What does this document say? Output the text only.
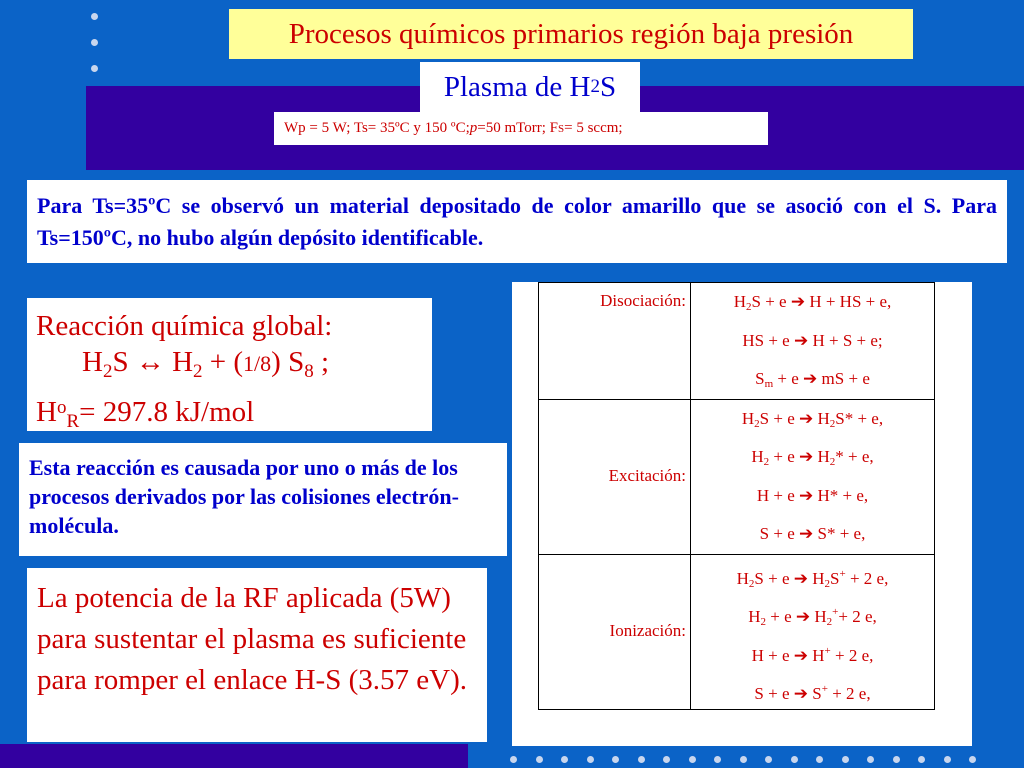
Procesos químicos primarios región baja presión
Plasma de H 2 S
Wp = 5 W; Ts= 35ºC y 150 ºC; p =50 mTorr; F S = 5 sccm;
Para Ts=35ºC se observó un material depositado de color amarillo que se asoció con el S. Para Ts=150ºC, no hubo algún depósito identificable.
Reacción química global:
$H_2S$ ↔ $H_2 + (1/8)$ $S_8$ ;
$H^o_R= 297.8$ kJ/mol
Esta reacción es causada por uno o más de los procesos derivados por las colisiones electrón-molécula.
La potencia de la RF aplicada (5W) para sustentar el plasma es suficiente para romper el enlace H-S (3.57 eV).
Disociación:	$H_2S + e$ ➔ H + HS + e,
HS + e ➔ H + S + e;
$S_m + e$ ➔ mS + e

Excitación:	$H_2S + e$ ➔ $H_2S* + e$,
$H_2 + e$ ➔ $H_2* + e$,
H + e ➔ H* + e,
S + e ➔ S* + e,

Ionización:	$H_2S + e$ ➔ $H_2S^+ + 2$ e,
$H_2 + e$ ➔ $H_2^++ 2$ e,
H + e ➔ H+ + 2 e,
S + e ➔ S+ + 2 e,
